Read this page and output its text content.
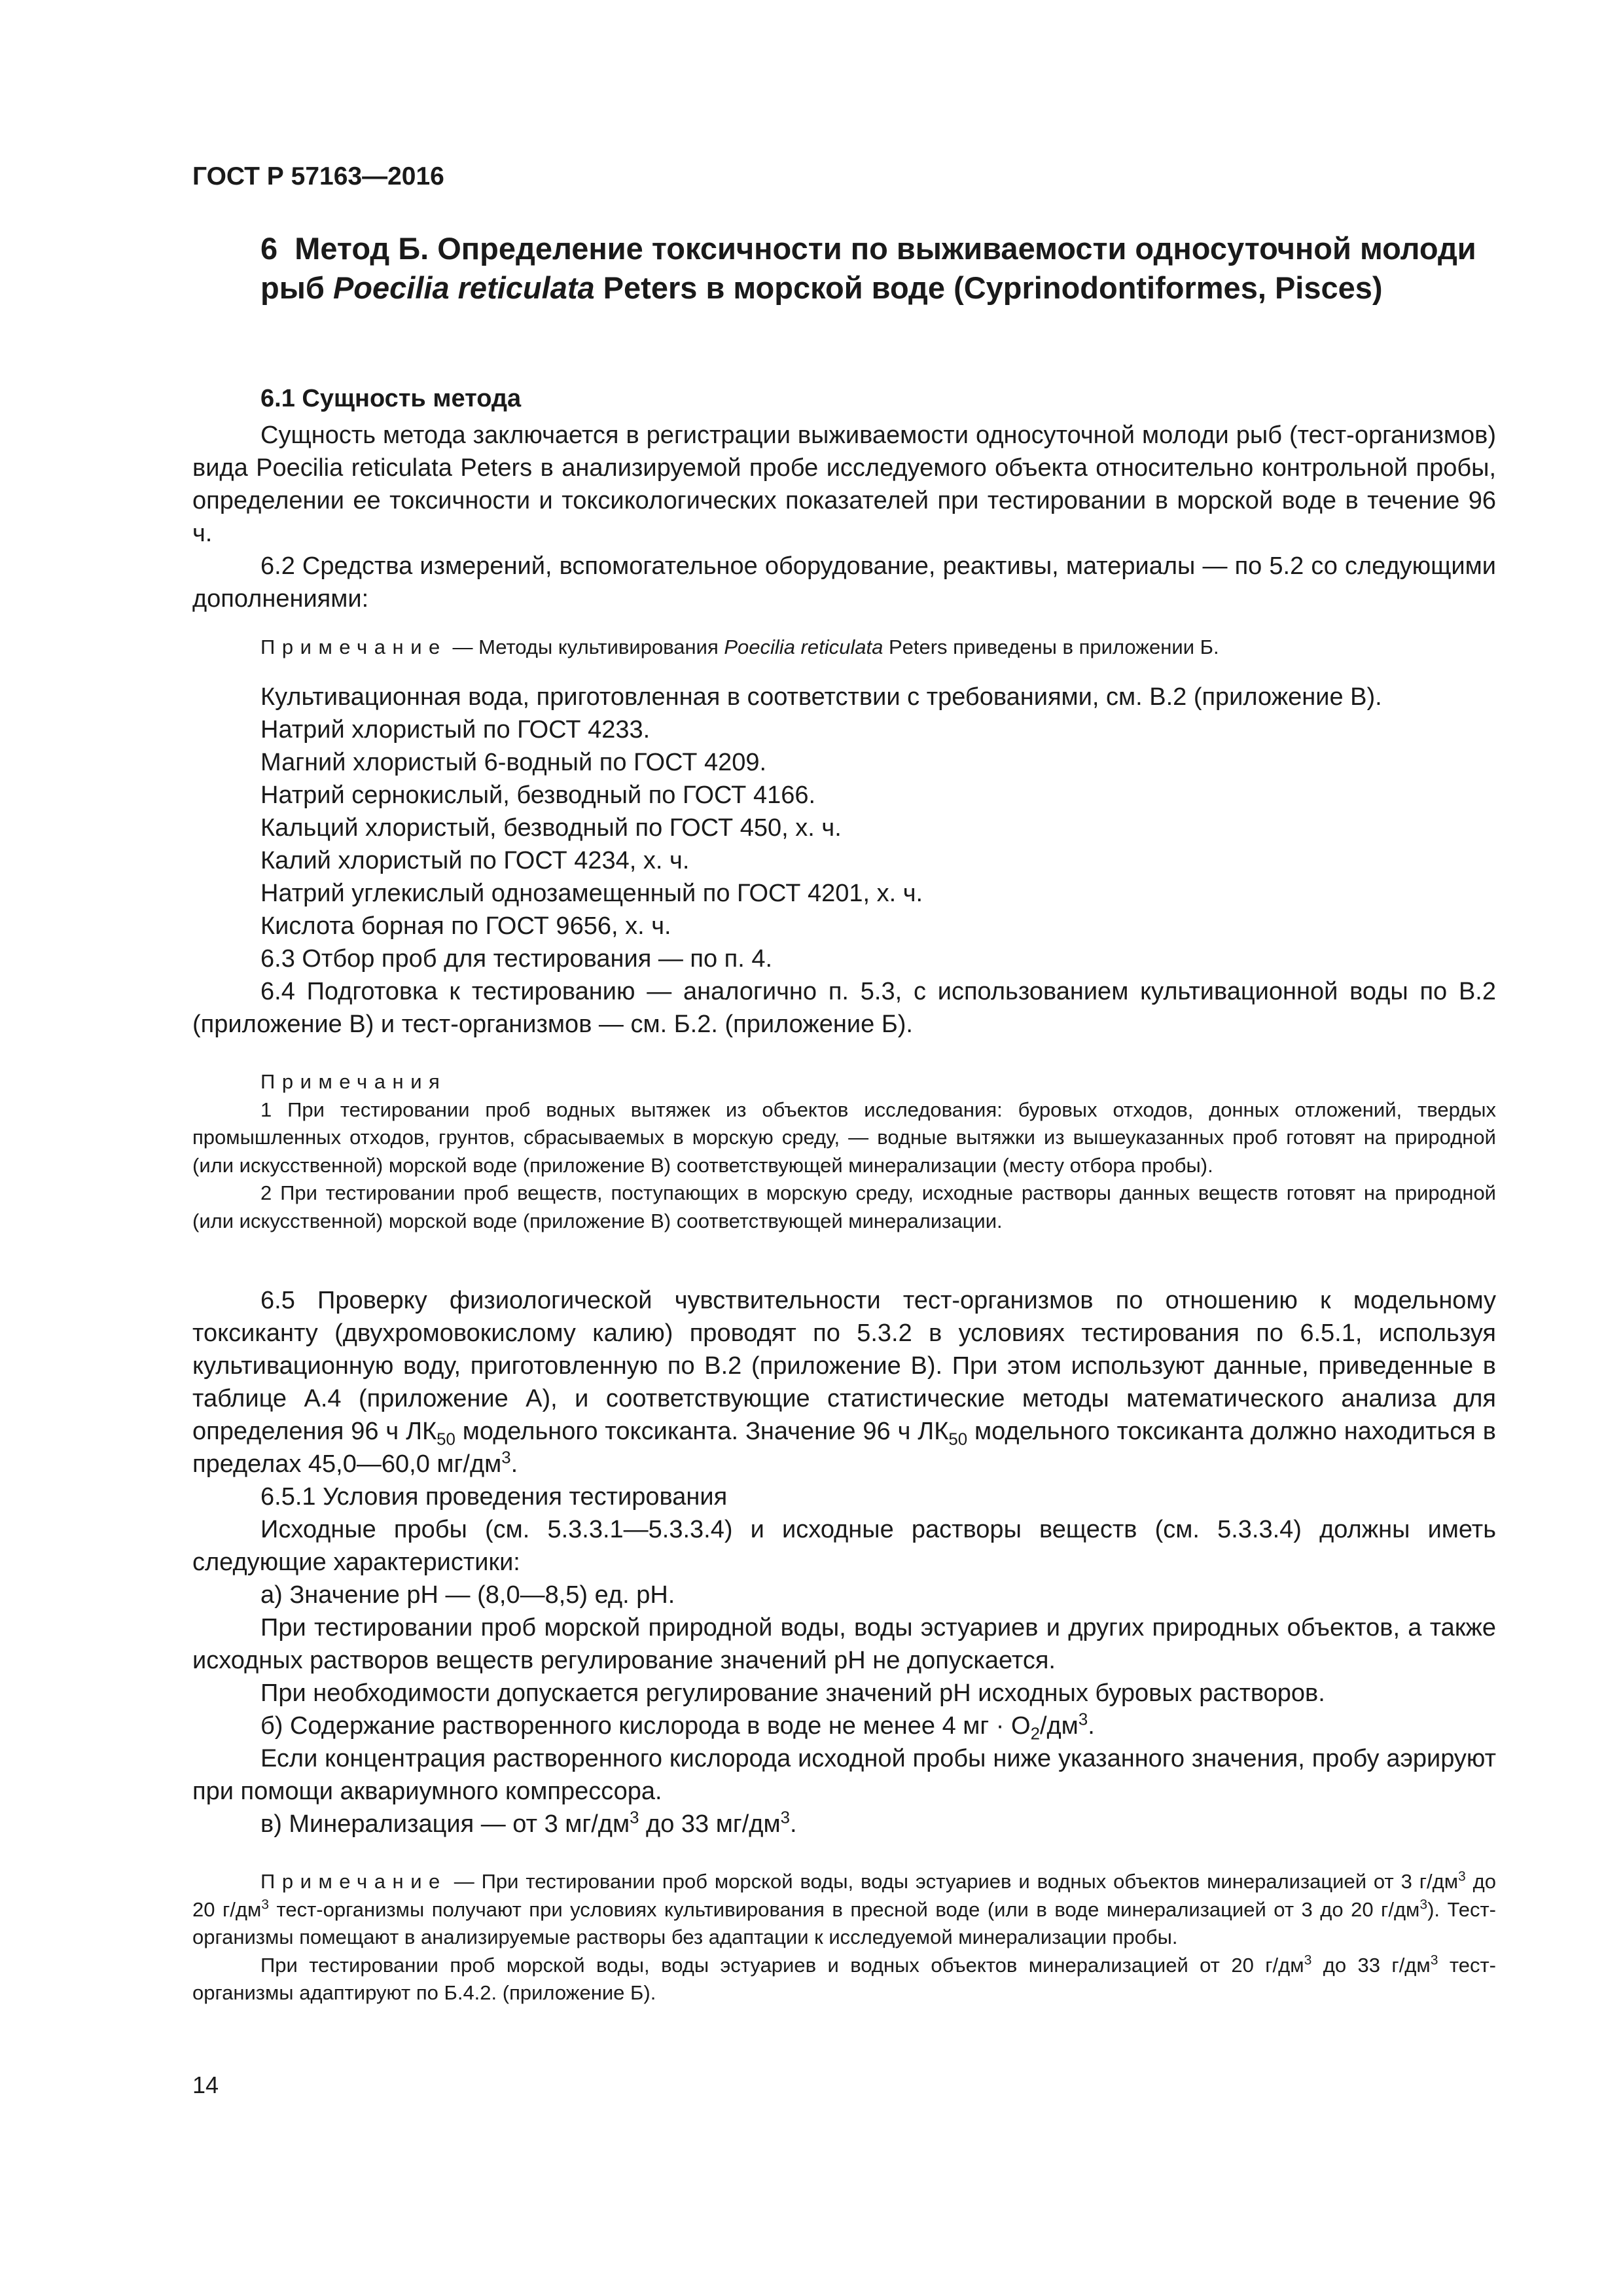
ГОСТ Р 57163—2016
6 Метод Б. Определение токсичности по выживаемости односуточной молоди рыб Poecilia reticulata Peters в морской воде (Cyprinodontiformes, Pisces)
6.1 Сущность метода

Сущность метода заключается в регистрации выживаемости односуточной молоди рыб (тест-организмов) вида Poecilia reticulata Peters в анализируемой пробе исследуемого объекта относительно контрольной пробы, определении ее токсичности и токсикологических показателей при тестировании в морской воде в течение 96 ч.

6.2 Средства измерений, вспомогательное оборудование, реактивы, материалы — по 5.2 со следующими дополнениями:

Примечание — Методы культивирования Poecilia reticulata Peters приведены в приложении Б.

Культивационная вода, приготовленная в соответствии с требованиями, см. В.2 (приложение В).

Натрий хлористый по ГОСТ 4233.

Магний хлористый 6-водный по ГОСТ 4209.

Натрий сернокислый, безводный по ГОСТ 4166.

Кальций хлористый, безводный по ГОСТ 450, х. ч.

Калий хлористый по ГОСТ 4234, х. ч.

Натрий углекислый однозамещенный по ГОСТ 4201, х. ч.

Кислота борная по ГОСТ 9656, х. ч.

6.3 Отбор проб для тестирования — по п. 4.

6.4 Подготовка к тестированию — аналогично п. 5.3, с использованием культивационной воды по В.2 (приложение В) и тест-организмов — см. Б.2. (приложение Б).

Примечания

1 При тестировании проб водных вытяжек из объектов исследования: буровых отходов, донных отложений, твердых промышленных отходов, грунтов, сбрасываемых в морскую среду, — водные вытяжки из вышеуказанных проб готовят на природной (или искусственной) морской воде (приложение В) соответствующей минерализации (месту отбора пробы).

2 При тестировании проб веществ, поступающих в морскую среду, исходные растворы данных веществ готовят на природной (или искусственной) морской воде (приложение В) соответствующей минерализации.

6.5 Проверку физиологической чувствительности тест-организмов по отношению к модельному токсиканту (двухромовокислому калию) проводят по 5.3.2 в условиях тестирования по 6.5.1, используя культивационную воду, приготовленную по В.2 (приложение В). При этом используют данные, приведенные в таблице А.4 (приложение А), и соответствующие статистические методы математического анализа для определения 96 ч $ЛК_{50}$ модельного токсиканта. Значение 96 ч $ЛК_{50}$ модельного токсиканта должно находиться в пределах 45,0—60,0 $мг/дм^3$.

6.5.1 Условия проведения тестирования

Исходные пробы (см. 5.3.3.1—5.3.3.4) и исходные растворы веществ (см. 5.3.3.4) должны иметь следующие характеристики:

а) Значение рН — (8,0—8,5) ед. рН.

При тестировании проб морской природной воды, воды эстуариев и других природных объектов, а также исходных растворов веществ регулирование значений рН не допускается.

При необходимости допускается регулирование значений рН исходных буровых растворов.

б) Содержание растворенного кислорода в воде не менее 4 мг · $О_2/дм^3$.

Если концентрация растворенного кислорода исходной пробы ниже указанного значения, пробу аэрируют при помощи аквариумного компрессора.

в) Минерализация — от 3 $мг/дм^3$ до 33 $мг/дм^3$.

Примечание — При тестировании проб морской воды, воды эстуариев и водных объектов минерализацией от 3 $г/дм^3$ до 20 $г/дм^3$ тест-организмы получают при условиях культивирования в пресной воде (или в воде минерализацией от 3 до 20 $г/дм^3$). Тест-организмы помещают в анализируемые растворы без адаптации к исследуемой минерализации пробы.

При тестировании проб морской воды, воды эстуариев и водных объектов минерализацией от 20 $г/дм^3$ до 33 $г/дм^3$ тест-организмы адаптируют по Б.4.2. (приложение Б).

14
